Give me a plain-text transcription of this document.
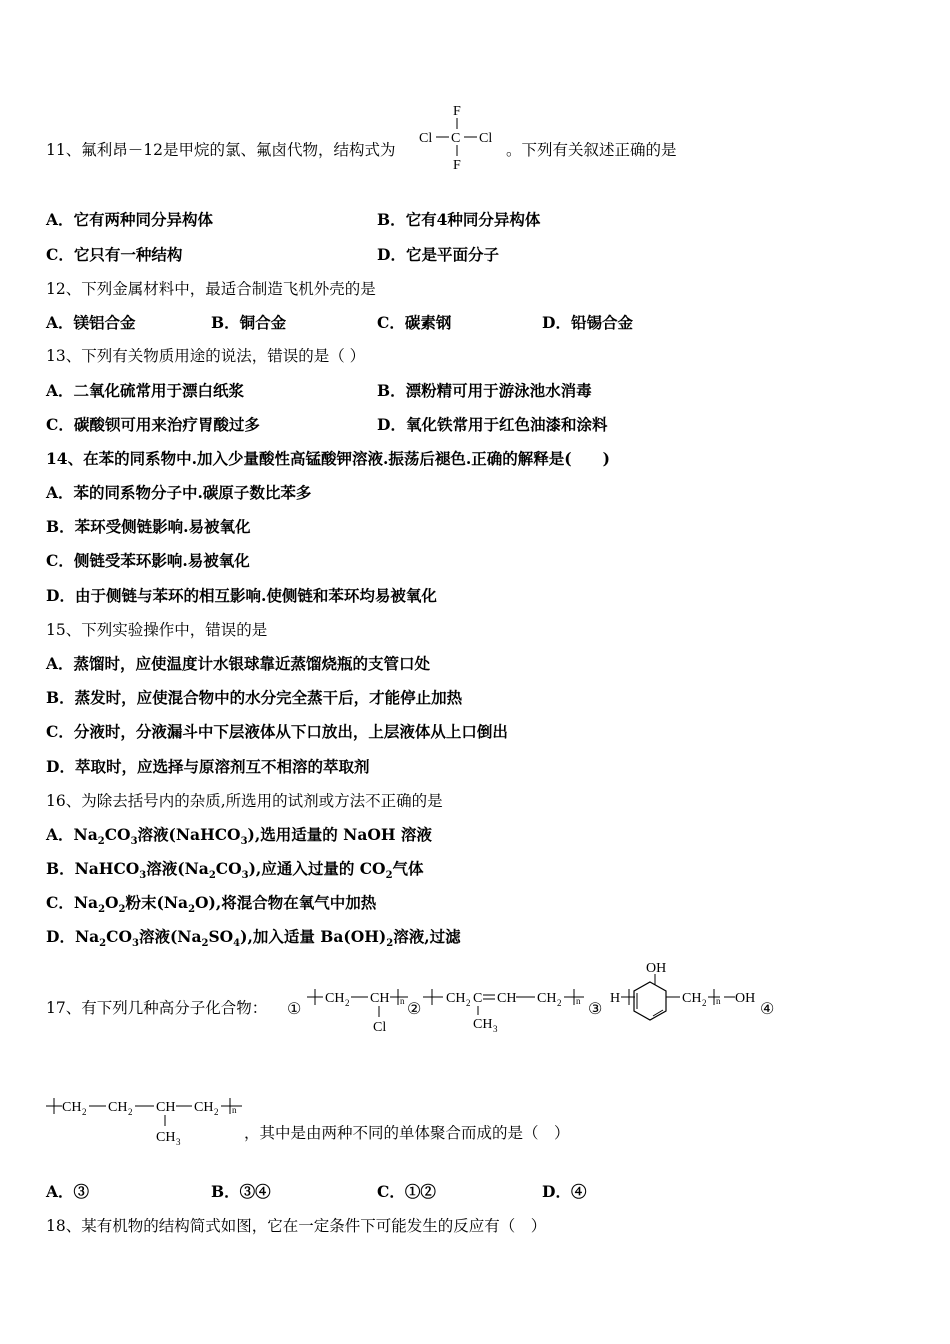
11、氟利昂－12是甲烷的氯、氟卤代物，结构式为
F
Cl C Cl
F
。下列有关叙述正确的是
A．它有两种同分异构体	B．它有4种同分异构体
C．它只有一种结构	D．它是平面分子
12、下列金属材料中，最适合制造飞机外壳的是
A．镁铝合金	B．铜合金	C．碳素钢	D．铅锡合金
13、下列有关物质用途的说法，错误的是（ ）
A．二氧化硫常用于漂白纸浆	B．漂粉精可用于游泳池水消毒
C．碳酸钡可用来治疗胃酸过多	D．氧化铁常用于红色油漆和涂料
14、在苯的同系物中.加入少量酸性高锰酸钾溶液.振荡后褪色.正确的解释是(　　)
A．苯的同系物分子中.碳原子数比苯多
B．苯环受侧链影响.易被氧化
C．侧链受苯环影响.易被氧化
D．由于侧链与苯环的相互影响.使侧链和苯环均易被氧化
15、下列实验操作中，错误的是
A．蒸馏时，应使温度计水银球靠近蒸馏烧瓶的支管口处
B．蒸发时，应使混合物中的水分完全蒸干后，才能停止加热
C．分液时，分液漏斗中下层液体从下口放出，上层液体从上口倒出
D．萃取时，应选择与原溶剂互不相溶的萃取剂
16、为除去括号内的杂质,所选用的试剂或方法不正确的是
A．$Na_2CO_3$溶液(NaHCO$_3$),选用适量的 NaOH 溶液
B．NaHCO$_3$溶液$(Na_2CO_3)$,应通入过量的 $CO_2$气体
C．$Na_2O_2$粉末$(Na_2O)$,将混合物在氧气中加热
D．$Na_2CO_3$溶液$(Na_2SO_4)$,加入适量 $Ba(OH)_2$溶液,过滤
17、有下列几种高分子化合物： ①
CH 2 CH
Cl
n ②
CH 2 C
CH 3
CH CH 2 n ③
H
OH
CH 2 n OH
④
CH 2 CH 2 CH
CH 3
CH 2 n
，其中是由两种不同的单体聚合而成的是（　）
A．③	B．③④	C．①②	D．④
18、某有机物的结构简式如图，它在一定条件下可能发生的反应有（　）
